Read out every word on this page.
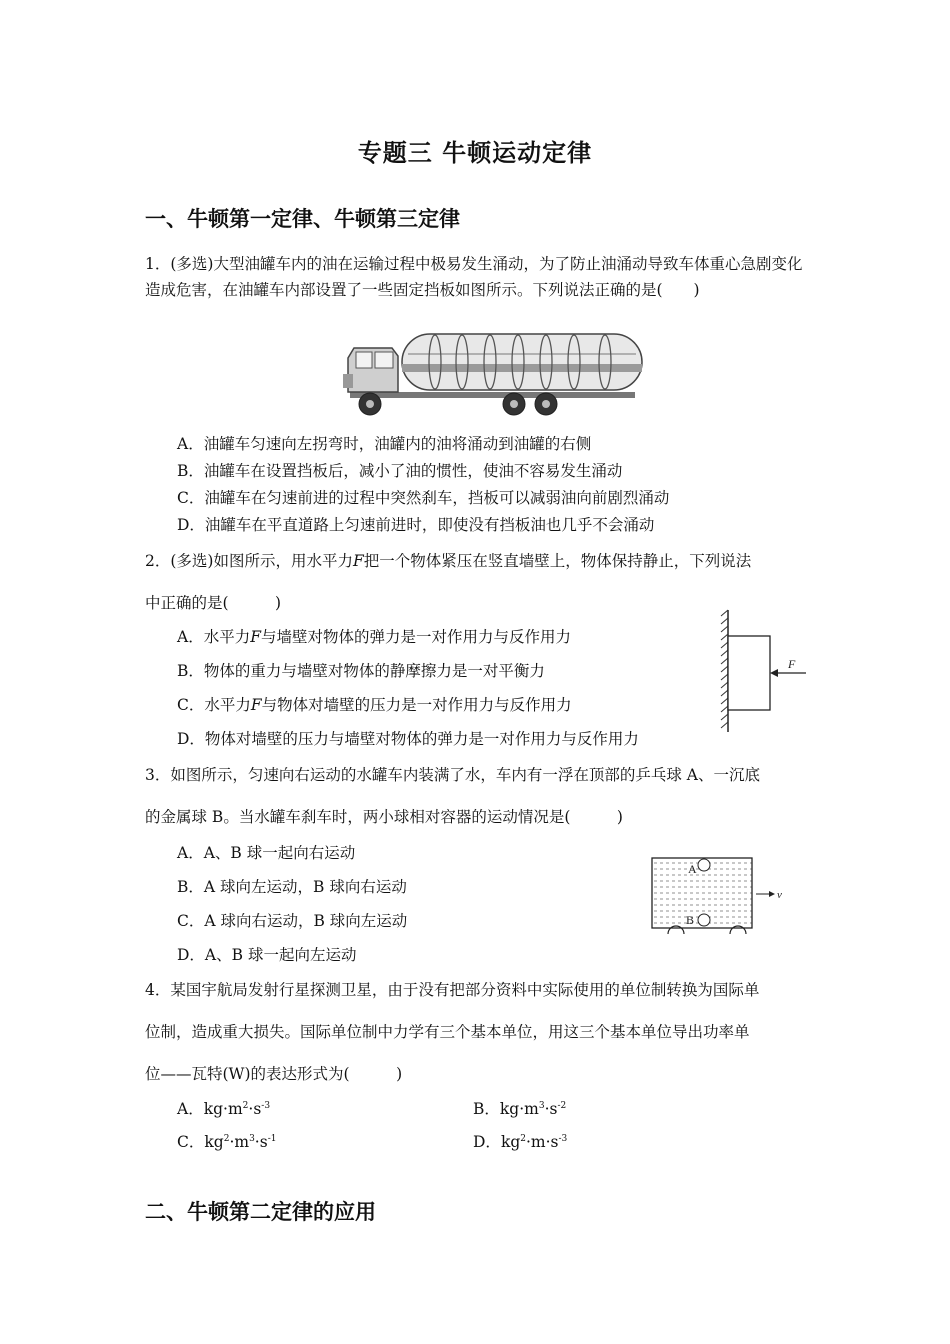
专题三 牛顿运动定律
一、牛顿第一定律、牛顿第三定律
1．(多选)大型油罐车内的油在运输过程中极易发生涌动，为了防止油涌动导致车体重心急剧变化造成危害，在油罐车内部设置了一些固定挡板如图所示。下列说法正确的是(　　)
A．油罐车匀速向左拐弯时，油罐内的油将涌动到油罐的右侧
B．油罐车在设置挡板后，减小了油的惯性，使油不容易发生涌动
C．油罐车在匀速前进的过程中突然刹车，挡板可以减弱油向前剧烈涌动
D．油罐车在平直道路上匀速前进时，即使没有挡板油也几乎不会涌动
2．(多选)如图所示，用水平力F把一个物体紧压在竖直墙壁上，物体保持静止，下列说法
中正确的是(　　　)
A．水平力F与墙壁对物体的弹力是一对作用力与反作用力
B．物体的重力与墙壁对物体的静摩擦力是一对平衡力
C．水平力F与物体对墙壁的压力是一对作用力与反作用力
D．物体对墙壁的压力与墙壁对物体的弹力是一对作用力与反作用力
F
3．如图所示，匀速向右运动的水罐车内装满了水，车内有一浮在顶部的乒乓球 A、一沉底
的金属球 B。当水罐车刹车时，两小球相对容器的运动情况是(　　　)
A．A、B 球一起向右运动
B．A 球向左运动，B 球向右运动
C．A 球向右运动，B 球向左运动
D．A、B 球一起向左运动
A
B
v
4．某国宇航局发射行星探测卫星，由于没有把部分资料中实际使用的单位制转换为国际单
位制，造成重大损失。国际单位制中力学有三个基本单位，用这三个基本单位导出功率单
位——瓦特(W)的表达形式为(　　　)
A．$kg\cdot m^2\cdot s^{-3}$	B．$kg\cdot m^3\cdot s^{-2}$
C．$kg^2\cdot m^3\cdot s^{-1}$	D．$kg^2\cdot m\cdot s^{-3}$
二、牛顿第二定律的应用
